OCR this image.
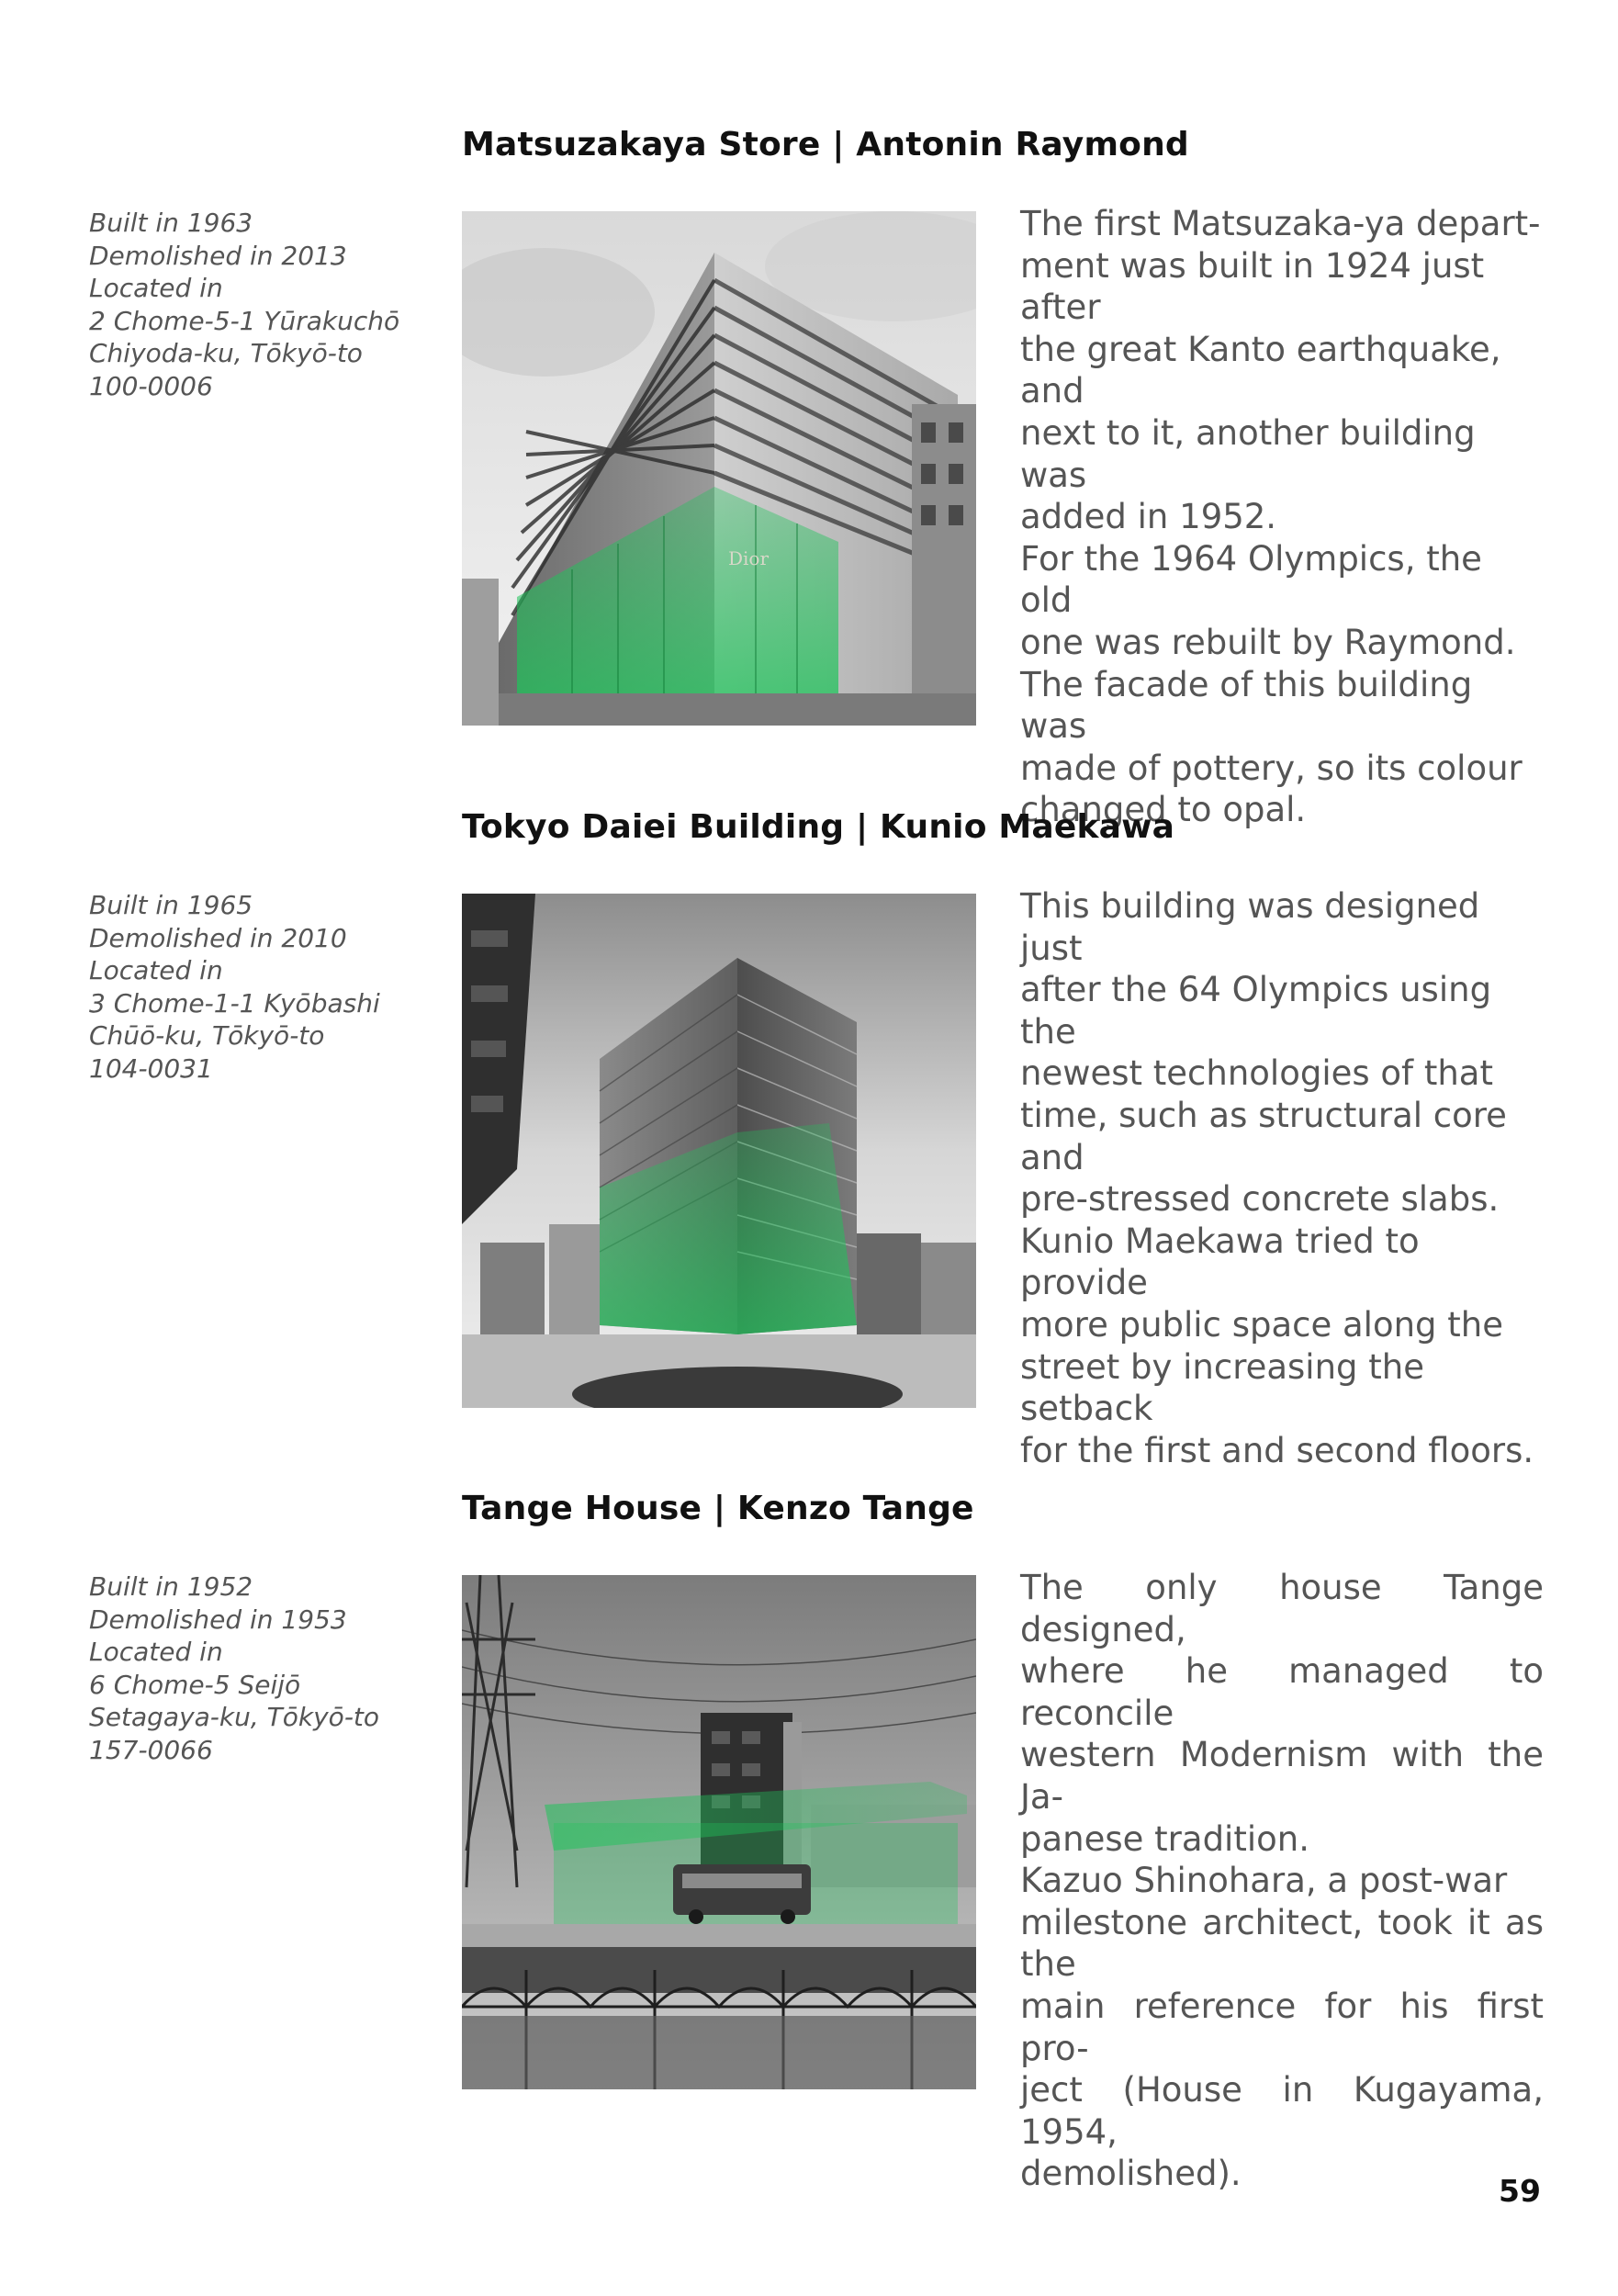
Matsuzakaya Store | Antonin Raymond
Built in 1963
Demolished in 2013
Located in
2 Chome-5-1 Yūrakuchō
Chiyoda-ku, Tōkyō-to
100-0006
Dior

The first Matsuzaka-ya depart-

ment was built in 1924 just after

the great Kanto earthquake, and

next to it, another building was

added in 1952.

For the 1964 Olympics, the old

one was rebuilt by Raymond.

The facade of this building was

made of pottery, so its colour

changed to opal.

Tokyo Daiei Building | Kunio Maekawa
Built in 1965
Demolished in 2010
Located in
3 Chome-1-1 Kyōbashi
Chūō-ku, Tōkyō-to
104-0031

This building was designed just

after the 64 Olympics using the

newest technologies of that

time, such as structural core and

pre-stressed concrete slabs.

Kunio Maekawa tried to provide

more public space along the

street by increasing the setback

for the first and second floors.

Tange House | Kenzo Tange
Built in 1952
Demolished in 1953
Located in
6 Chome-5 Seijō
Setagaya-ku, Tōkyō-to
157-0066

The only house Tange designed,

where he managed to reconcile

western Modernism with the Ja-

panese tradition.

Kazuo Shinohara, a post-war

milestone architect, took it as the

main reference for his first pro-

ject (House in Kugayama, 1954,

demolished).	59
